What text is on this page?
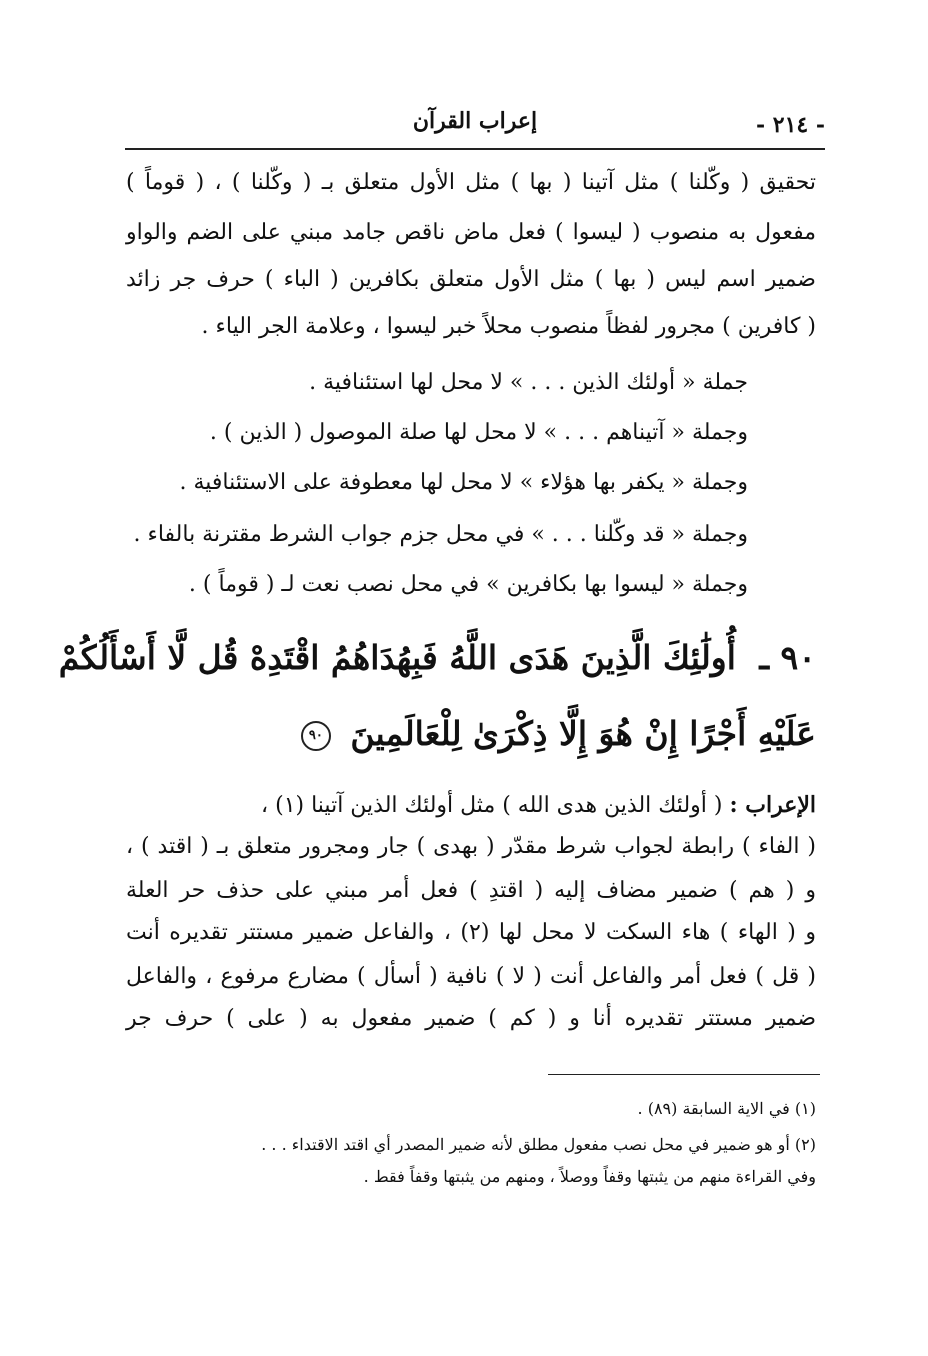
- ٢١٤ -
إعراب القرآن
تحقيق ( وكّلنا ) مثل آتينا ( بها ) مثل الأول متعلق بـ ( وكّلنا ) ، ( قوماً )
مفعول به منصوب ( ليسوا ) فعل ماض ناقص جامد مبني على الضم والواو
ضمير اسم ليس ( بها ) مثل الأول متعلق بكافرين ( الباء ) حرف جر زائد
( كافرين ) مجرور لفظاً منصوب محلاً خبر ليسوا ، وعلامة الجر الياء .
جملة « أولئك الذين . . . » لا محل لها استئنافية .
وجملة « آتيناهم . . . » لا محل لها صلة الموصول ( الذين ) .
وجملة « يكفر بها هؤلاء » لا محل لها معطوفة على الاستئنافية .
وجملة « قد وكّلنا . . . » في محل جزم جواب الشرط مقترنة بالفاء .
وجملة « ليسوا بها بكافرين » في محل نصب نعت لـ ( قوماً ) .
٩٠ ـ أُولَٰئِكَ الَّذِينَ هَدَى اللَّهُ فَبِهُدَاهُمُ اقْتَدِهْ قُل لَّا أَسْأَلُكُمْ
عَلَيْهِ أَجْرًا إِنْ هُوَ إِلَّا ذِكْرَىٰ لِلْعَالَمِينَ ٩٠
الإعراب : ( أولئك الذين هدى الله ) مثل أولئك الذين آتينا (١) ،
( الفاء ) رابطة لجواب شرط مقدّر ( بهدى ) جار ومجرور متعلق بـ ( اقتد ) ،
و ( هم ) ضمير مضاف إليه ( اقتدِ ) فعل أمر مبني على حذف حر العلة
و ( الهاء ) هاء السكت لا محل لها (٢) ، والفاعل ضمير مستتر تقديره أنت
( قل ) فعل أمر والفاعل أنت ( لا ) نافية ( أسأل ) مضارع مرفوع ، والفاعل
ضمير مستتر تقديره أنا و ( كم ) ضمير مفعول به ( على ) حرف جر
(١) في الاية السابقة (٨٩) .
(٢) أو هو ضمير في محل نصب مفعول مطلق لأنه ضمير المصدر أي اقتد الاقتداء . . .
وفي القراءة منهم من يثبتها وقفاً ووصلاً ، ومنهم من يثبتها وقفاً فقط .
